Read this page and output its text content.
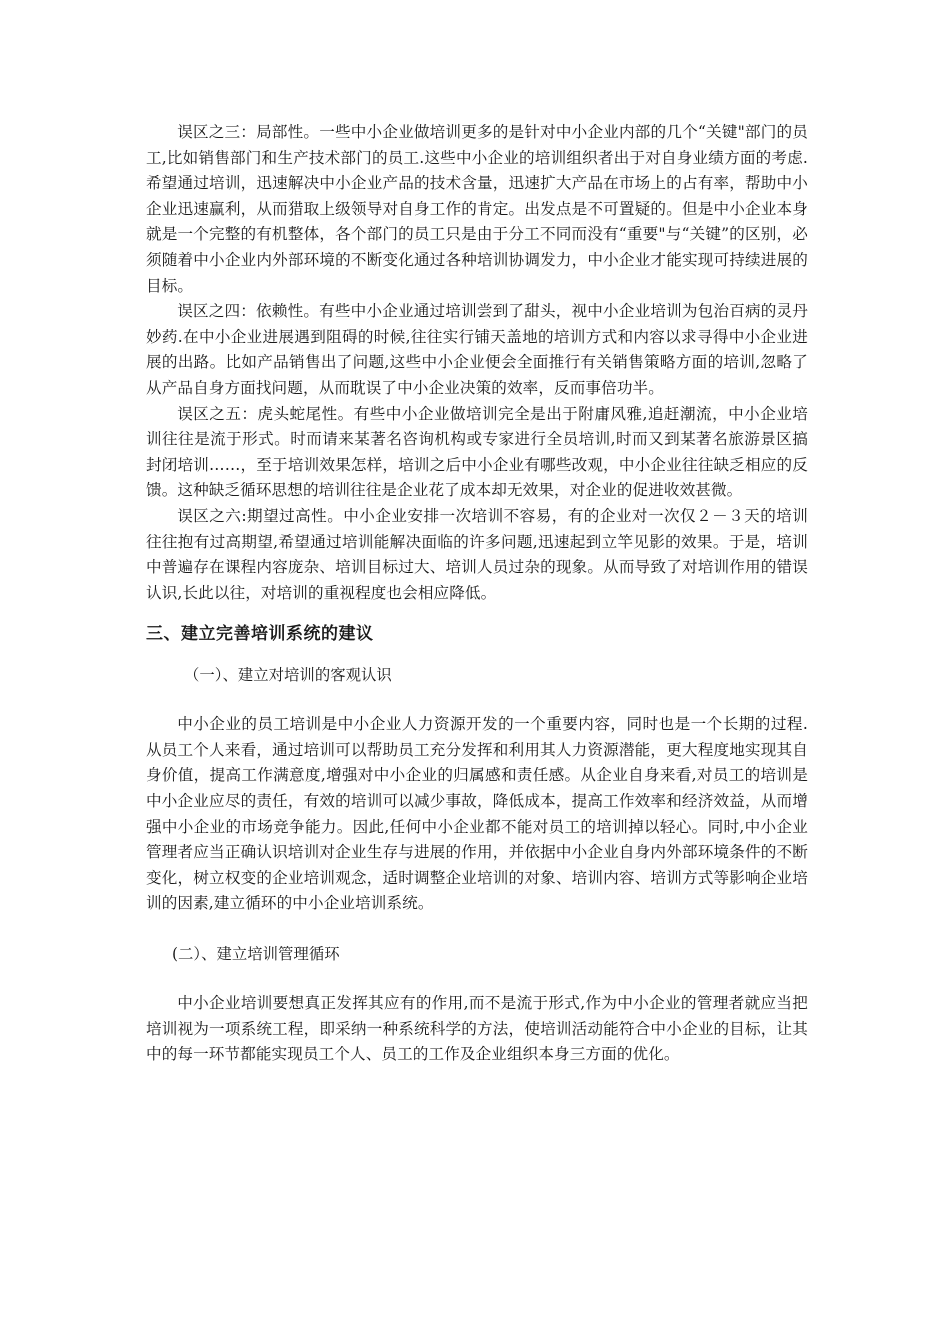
误区之三：局部性。一些中小企业做培训更多的是针对中小企业内部的几个“关键"部门的员工,比如销售部门和生产技术部门的员工.这些中小企业的培训组织者出于对自身业绩方面的考虑.希望通过培训，迅速解决中小企业产品的技术含量，迅速扩大产品在市场上的占有率，帮助中小企业迅速赢利，从而猎取上级领导对自身工作的肯定。出发点是不可置疑的。但是中小企业本身就是一个完整的有机整体，各个部门的员工只是由于分工不同而没有“重要"与“关键”的区别，必须随着中小企业内外部环境的不断变化通过各种培训协调发力，中小企业才能实现可持续进展的目标。

误区之四：依赖性。有些中小企业通过培训尝到了甜头，视中小企业培训为包治百病的灵丹妙药.在中小企业进展遇到阻碍的时候,往往实行铺天盖地的培训方式和内容以求寻得中小企业进展的出路。比如产品销售出了问题,这些中小企业便会全面推行有关销售策略方面的培训,忽略了从产品自身方面找问题，从而耽误了中小企业决策的效率，反而事倍功半。

误区之五：虎头蛇尾性。有些中小企业做培训完全是出于附庸风雅,追赶潮流，中小企业培训往往是流于形式。时而请来某著名咨询机构或专家进行全员培训,时而又到某著名旅游景区搞封闭培训……，至于培训效果怎样，培训之后中小企业有哪些改观，中小企业往往缺乏相应的反馈。这种缺乏循环思想的培训往往是企业花了成本却无效果，对企业的促进收效甚微。

误区之六:期望过高性。中小企业安排一次培训不容易，有的企业对一次仅２－３天的培训往往抱有过高期望,希望通过培训能解决面临的许多问题,迅速起到立竿见影的效果。于是，培训中普遍存在课程内容庞杂、培训目标过大、培训人员过杂的现象。从而导致了对培训作用的错误认识,长此以往，对培训的重视程度也会相应降低。

三、建立完善培训系统的建议

（一）、建立对培训的客观认识

中小企业的员工培训是中小企业人力资源开发的一个重要内容，同时也是一个长期的过程.从员工个人来看，通过培训可以帮助员工充分发挥和利用其人力资源潜能，更大程度地实现其自身价值，提高工作满意度,增强对中小企业的归属感和责任感。从企业自身来看,对员工的培训是中小企业应尽的责任，有效的培训可以减少事故，降低成本，提高工作效率和经济效益，从而增强中小企业的市场竞争能力。因此,任何中小企业都不能对员工的培训掉以轻心。同时,中小企业管理者应当正确认识培训对企业生存与进展的作用，并依据中小企业自身内外部环境条件的不断变化，树立权变的企业培训观念，适时调整企业培训的对象、培训内容、培训方式等影响企业培训的因素,建立循环的中小企业培训系统。

(二）、建立培训管理循环

中小企业培训要想真正发挥其应有的作用,而不是流于形式,作为中小企业的管理者就应当把培训视为一项系统工程，即采纳一种系统科学的方法，使培训活动能符合中小企业的目标，让其中的每一环节都能实现员工个人、员工的工作及企业组织本身三方面的优化。
